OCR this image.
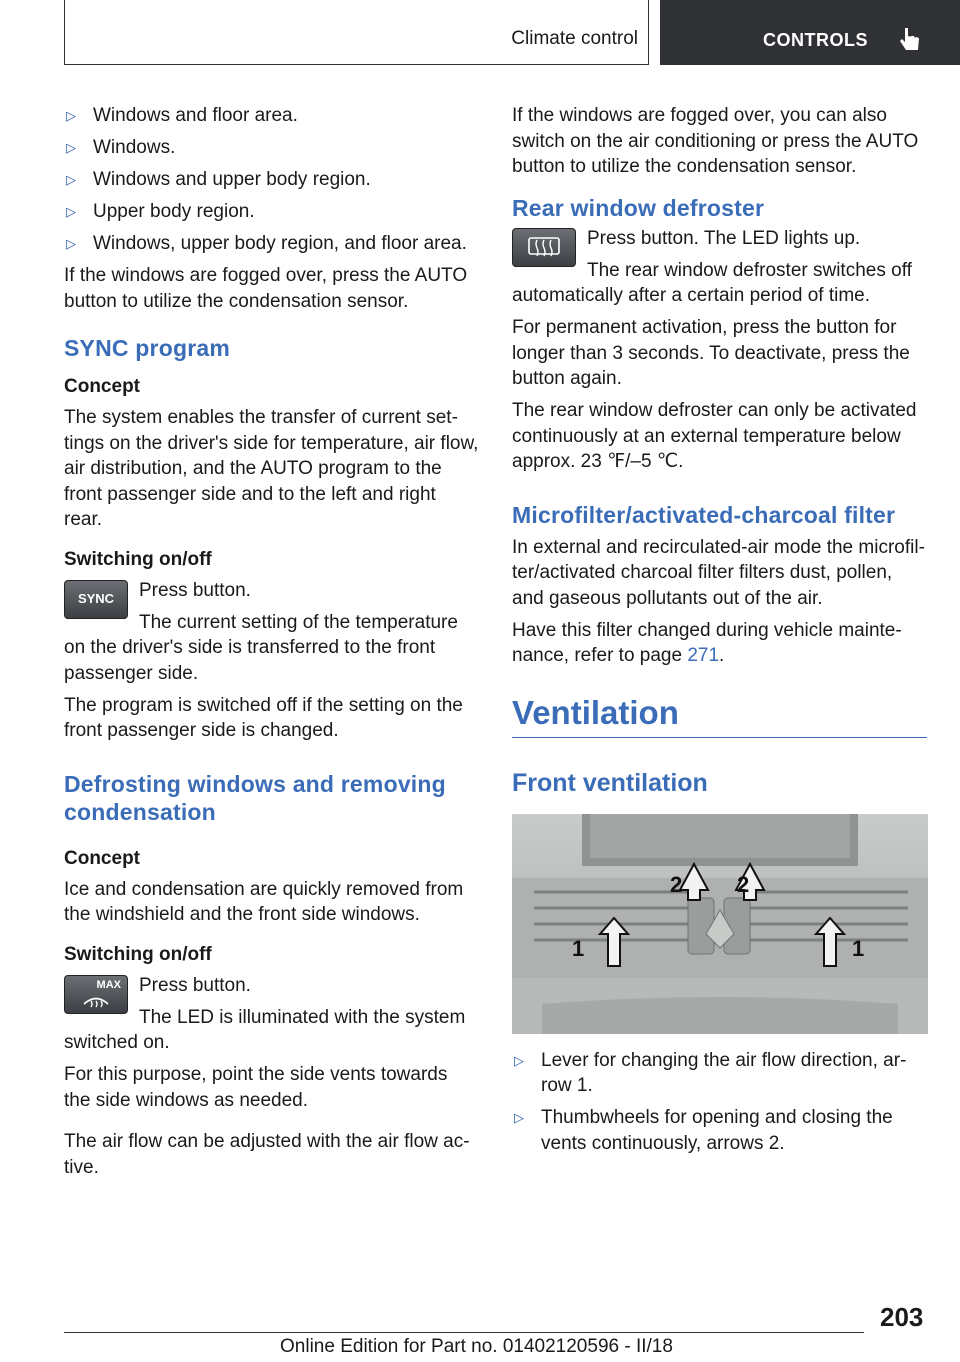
Climate control	CONTROLS
▷ Windows and floor area.
▷ Windows.
▷ Windows and upper body region.
▷ Upper body region.
▷ Windows, upper body region, and floor area.

If the windows are fogged over, press the AUTO button to utilize the condensation sensor.

SYNC program
Concept

The system enables the transfer of current set‐tings on the driver's side for temperature, air flow, air distribution, and the AUTO program to the front passenger side and to the left and right rear.

Switching on/off
SYNC	Press button.

The current setting of the temperature on the driver's side is transferred to the front passenger side.

The program is switched off if the setting on the front passenger side is changed.

Defrosting windows and removing condensation
Concept

Ice and condensation are quickly removed from the windshield and the front side windows.

Switching on/off
MAX Press button.

The LED is illuminated with the system switched on.

For this purpose, point the side vents towards the side windows as needed.

The air flow can be adjusted with the air flow ac‐tive.

If the windows are fogged over, you can also switch on the air conditioning or press the AUTO button to utilize the condensation sensor.

Rear window defroster

Press button. The LED lights up.

The rear window defroster switches off automatically after a certain period of time.

For permanent activation, press the button for longer than 3 seconds. To deactivate, press the button again.

The rear window defroster can only be activated continuously at an external temperature below approx. 23 ℉/‒5 ℃.

Microfilter/activated-charcoal filter

In external and recirculated-air mode the microfil‐ter/activated charcoal filter filters dust, pollen, and gaseous pollutants out of the air.

Have this filter changed during vehicle mainte‐nance, refer to page 271.

Ventilation
Front ventilation
1
2 2
1
▷ Lever for changing the air flow direction, ar‐row 1.
▷ Thumbwheels for opening and closing the vents continuously, arrows 2.
203
Online Edition for Part no. 01402120596 - II/18
